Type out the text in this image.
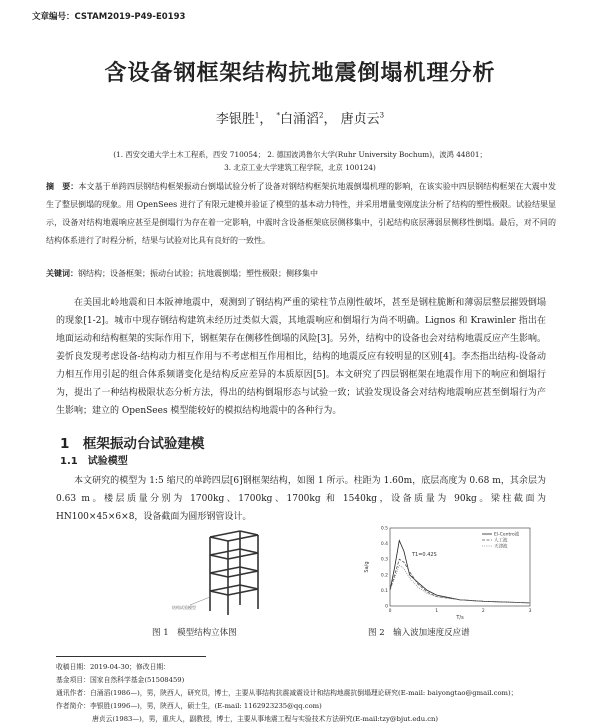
文章编号：CSTAM2019-P49-E0193
含设备钢框架结构抗地震倒塌机理分析
李银胜$^1$， *白涌滔$^2$， 唐贞云$^3$
(1. 西安交通大学土木工程系，西安 710054； 2. 德国波鸿鲁尔大学(Ruhr University Bochum)，波鸿 44801；
3. 北京工业大学建筑工程学院，北京 100124)
摘　要：本文基于单跨四层钢结构框架振动台倒塌试验分析了设备对钢结构框架抗地震倒塌机理的影响，在该实验中四层钢结构框架在大震中发生了整层倒塌的现象。用 OpenSees 进行了有限元建模并验证了模型的基本动力特性，并采用增量变刚度法分析了结构的塑性极限。试验结果显示，设备对结构地震响应甚至是倒塌行为存在着一定影响，中震时含设备框架底层侧移集中，引起结构底层薄弱层侧移性倒塌。最后，对不同的结构体系进行了时程分析，结果与试验对比具有良好的一致性。
关键词：钢结构；设备框架；振动台试验；抗地震倒塌；塑性极限；侧移集中
在美国北岭地震和日本阪神地震中，观测到了钢结构严重的梁柱节点刚性破坏，甚至是钢柱脆断和薄弱层整层摧毁倒塌的现象[1-2]。城市中现存钢结构建筑未经历过类似大震，其地震响应和倒塌行为尚不明确。Lignos 和 Krawinler 指出在地面运动和结构框架的实际作用下，钢框架存在侧移性倒塌的风险[3]。另外，结构中的设备也会对结构地震反应产生影响。姜忻良发现考虑设备-结构动力相互作用与不考虑相互作用相比，结构的地震反应有较明显的区别[4]。李杰指出结构-设备动力相互作用引起的组合体系频谱变化是结构反应差异的本质原因[5]。本文研究了四层钢框架在地震作用下的响应和倒塌行为，提出了一种结构极限状态分析方法，得出的结构倒塌形态与试验一致；试验发现设备会对结构地震响应甚至倒塌行为产生影响；建立的 OpenSees 模型能较好的模拟结构地震中的各种行为。
1　框架振动台试验建模
1.1　试验模型
本文研究的模型为 1:5 缩尺的单跨四层[6]钢框架结构，如图 1 所示。柱距为 1.60m，底层高度为 0.68 m，其余层为 0.63 m。楼层质量分别为 1700kg、1700kg、1700kg 和 1540kg，设备质量为 90kg。梁柱截面为 HN100×45×6×8，设备截面为圆形钢管设计。
结构试验模型	0
0.1
0.2
0.3
0.4
0.5
0	1	2	3
T/s
Sa/g
El-Centro波
人工波
天津波
T1=0.42S
图 1　模型结构立体图	图 2　输入波加速度反应谱
收稿日期：2019-04-30；修改日期：
基金项目：国家自然科学基金(51508459)
通讯作者：白涌滔(1986—)，男，陕西人，研究员，博士，主要从事结构抗震减震设计和结构地震抗倒塌理论研究(E-mail: baiyongtao@gmail.com)；
作者简介：李银胜(1996—)，男，陕西人，硕士生，(E-mail: 1162923235@qq.com)
唐贞云(1983—)，男，重庆人，副教授，博士，主要从事地震工程与实验技术方法研究(E-mail:tzy@bjut.edu.cn)
